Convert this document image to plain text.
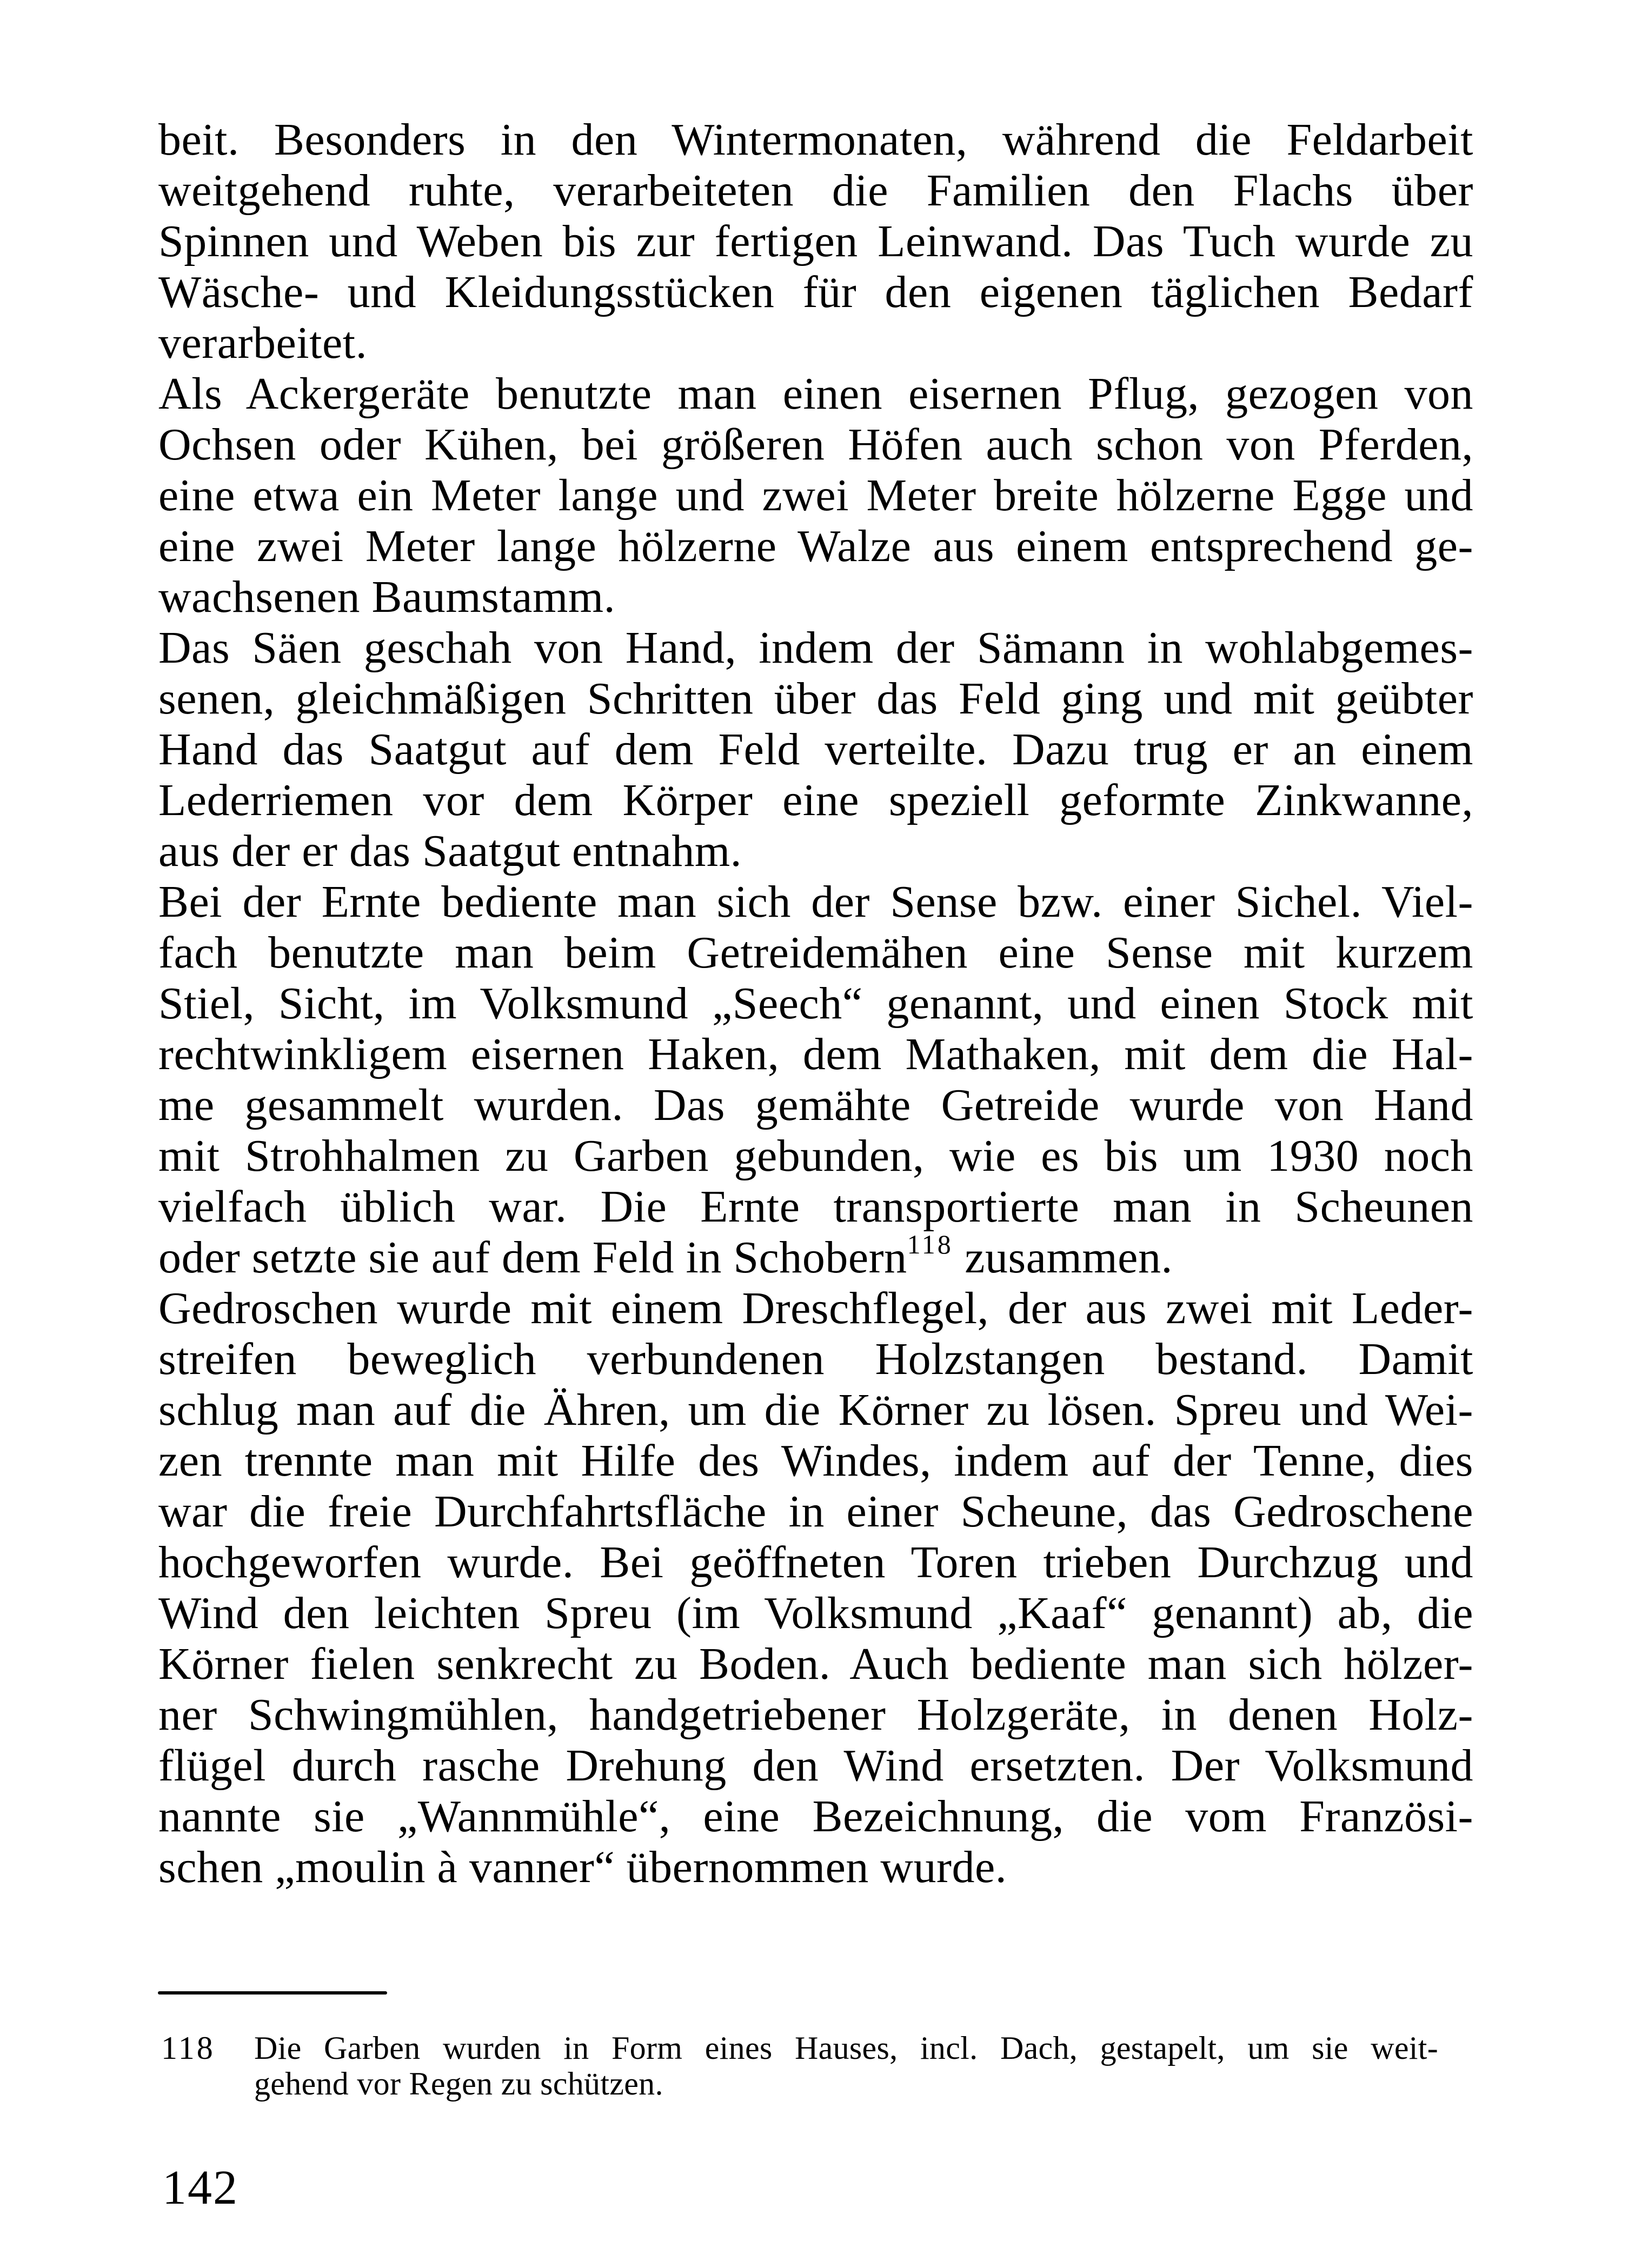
beit. Besonders in den Wintermonaten, während die Feldarbeit
weitgehend ruhte, verarbeiteten die Familien den Flachs über
Spinnen und Weben bis zur fertigen Leinwand. Das Tuch wurde zu
Wäsche- und Kleidungsstücken für den eigenen täglichen Bedarf
verarbeitet.
Als Ackergeräte benutzte man einen eisernen Pflug, gezogen von
Ochsen oder Kühen, bei größeren Höfen auch schon von Pferden,
eine etwa ein Meter lange und zwei Meter breite hölzerne Egge und
eine zwei Meter lange hölzerne Walze aus einem entsprechend ge-
wachsenen Baumstamm.
Das Säen geschah von Hand, indem der Sämann in wohlabgemes-
senen, gleichmäßigen Schritten über das Feld ging und mit geübter
Hand das Saatgut auf dem Feld verteilte. Dazu trug er an einem
Lederriemen vor dem Körper eine speziell geformte Zinkwanne,
aus der er das Saatgut entnahm.
Bei der Ernte bediente man sich der Sense bzw. einer Sichel. Viel-
fach benutzte man beim Getreidemähen eine Sense mit kurzem
Stiel, Sicht, im Volksmund „Seech“ genannt, und einen Stock mit
rechtwinkligem eisernen Haken, dem Mathaken, mit dem die Hal-
me gesammelt wurden. Das gemähte Getreide wurde von Hand
mit Strohhalmen zu Garben gebunden, wie es bis um 1930 noch
vielfach üblich war. Die Ernte transportierte man in Scheunen
oder setzte sie auf dem Feld in Schobern$^{118}$ zusammen.
Gedroschen wurde mit einem Dreschflegel, der aus zwei mit Leder-
streifen beweglich verbundenen Holzstangen bestand. Damit
schlug man auf die Ähren, um die Körner zu lösen. Spreu und Wei-
zen trennte man mit Hilfe des Windes, indem auf der Tenne, dies
war die freie Durchfahrtsfläche in einer Scheune, das Gedroschene
hochgeworfen wurde. Bei geöffneten Toren trieben Durchzug und
Wind den leichten Spreu (im Volksmund „Kaaf“ genannt) ab, die
Körner fielen senkrecht zu Boden. Auch bediente man sich hölzer-
ner Schwingmühlen, handgetriebener Holzgeräte, in denen Holz-
flügel durch rasche Drehung den Wind ersetzten. Der Volksmund
nannte sie „Wannmühle“, eine Bezeichnung, die vom Französi-
schen „moulin à vanner“ übernommen wurde.
118 Die Garben wurden in Form eines Hauses, incl. Dach, gestapelt, um sie weit-
gehend vor Regen zu schützen.
142
